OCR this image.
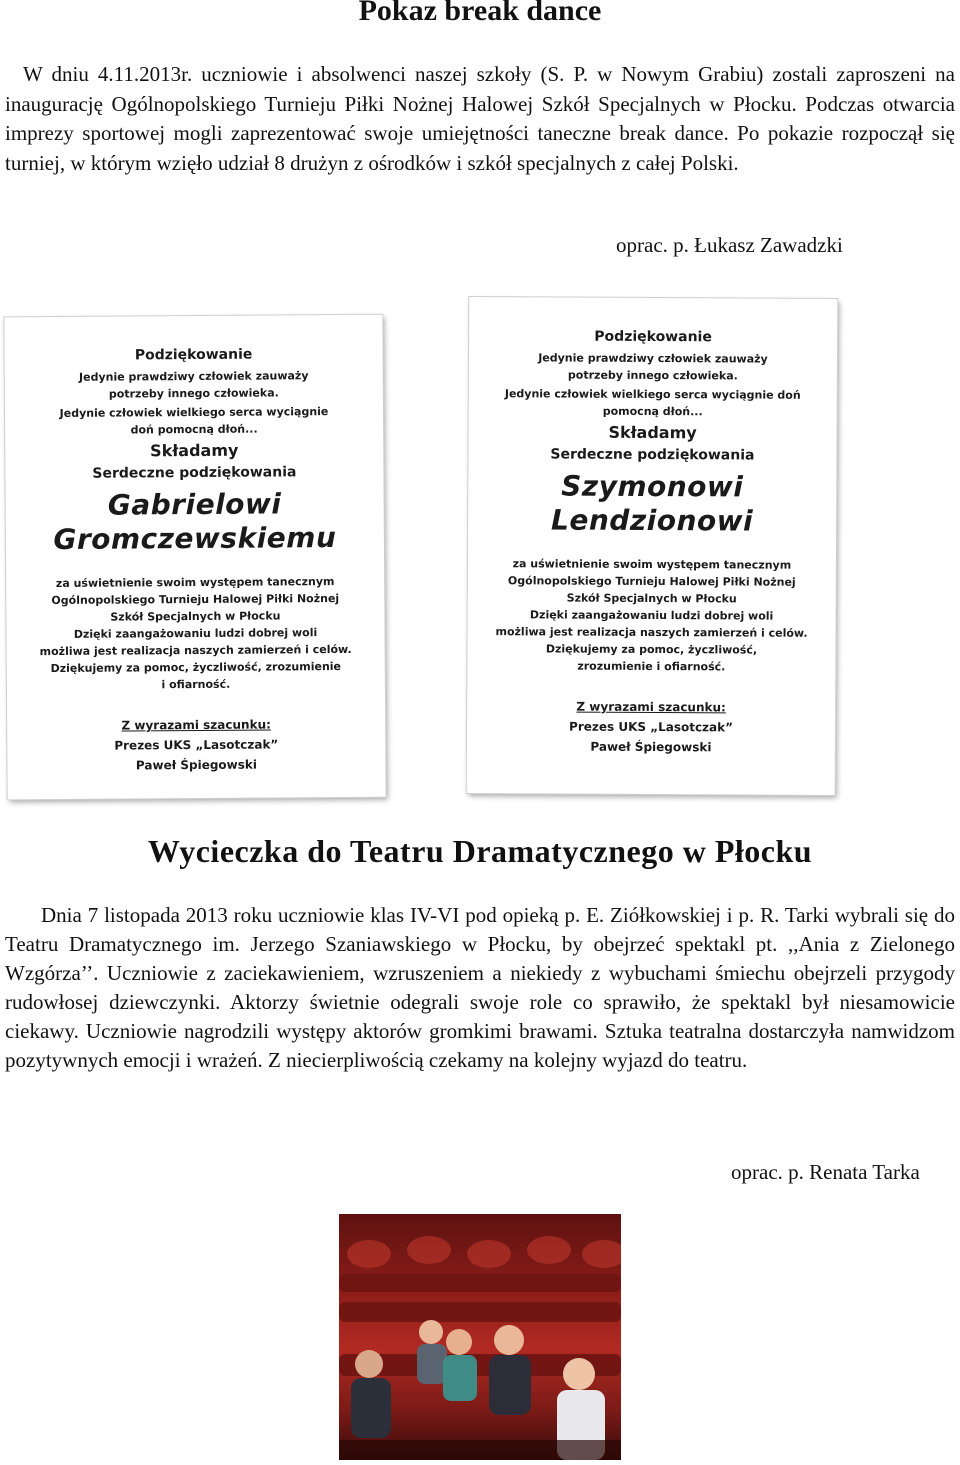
Pokaz break dance

W dniu 4.11.2013r. uczniowie i absolwenci naszej szkoły (S. P. w Nowym Grabiu) zostali zaproszeni na inaugurację Ogólnopolskiego Turnieju Piłki Nożnej Halowej Szkół Specjalnych w Płocku. Podczas otwarcia imprezy sportowej mogli zaprezentować swoje umiejętności taneczne break dance. Po pokazie rozpoczął się turniej, w którym wzięło udział 8 drużyn z ośrodków i szkół specjalnych z całej Polski.

oprac. p. Łukasz Zawadzki

Podziękowanie
Jedynie prawdziwy człowiek zauważy potrzeby innego człowieka.
Jedynie człowiek wielkiego serca wyciągnie doń pomocną dłoń...
Składamy
Serdeczne podziękowania
Gabrielowi
Gromczewskiemu
za uświetnienie swoim występem tanecznym
Ogólnopolskiego Turnieju Halowej Piłki Nożnej
Szkół Specjalnych w Płocku
Dzięki zaangażowaniu ludzi dobrej woli
możliwa jest realizacja naszych zamierzeń i celów.
Dziękujemy za pomoc, życzliwość, zrozumienie i ofiarność.
Z wyrazami szacunku:
Prezes UKS „Lasotczak”
Paweł Śpiegowski
Podziękowanie
Jedynie prawdziwy człowiek zauważy potrzeby innego człowieka.
Jedynie człowiek wielkiego serca wyciągnie doń pomocną dłoń...
Składamy
Serdeczne podziękowania
Szymonowi
Lendzionowi
za uświetnienie swoim występem tanecznym
Ogólnopolskiego Turnieju Halowej Piłki Nożnej
Szkół Specjalnych w Płocku
Dzięki zaangażowaniu ludzi dobrej woli
możliwa jest realizacja naszych zamierzeń i celów.
Dziękujemy za pomoc, życzliwość, zrozumienie i ofiarność.
Z wyrazami szacunku:
Prezes UKS „Lasotczak”
Paweł Śpiegowski
Wycieczka do Teatru Dramatycznego w Płocku

Dnia 7 listopada 2013 roku uczniowie klas IV-VI pod opieką p. E. Ziółkowskiej i p. R. Tarki wybrali się do Teatru Dramatycznego im. Jerzego Szaniawskiego w Płocku, by obejrzeć spektakl pt. ,,Ania z Zielonego Wzgórza’’. Uczniowie z zaciekawieniem, wzruszeniem a niekiedy z wybuchami śmiechu obejrzeli przygody rudowłosej dziewczynki. Aktorzy świetnie odegrali swoje role co sprawiło, że spektakl był niesamowicie ciekawy. Uczniowie nagrodzili występy aktorów gromkimi brawami. Sztuka teatralna dostarczyła namwidzom pozytywnych emocji i wrażeń. Z niecierpliwością czekamy na kolejny wyjazd do teatru.

oprac. p. Renata Tarka
